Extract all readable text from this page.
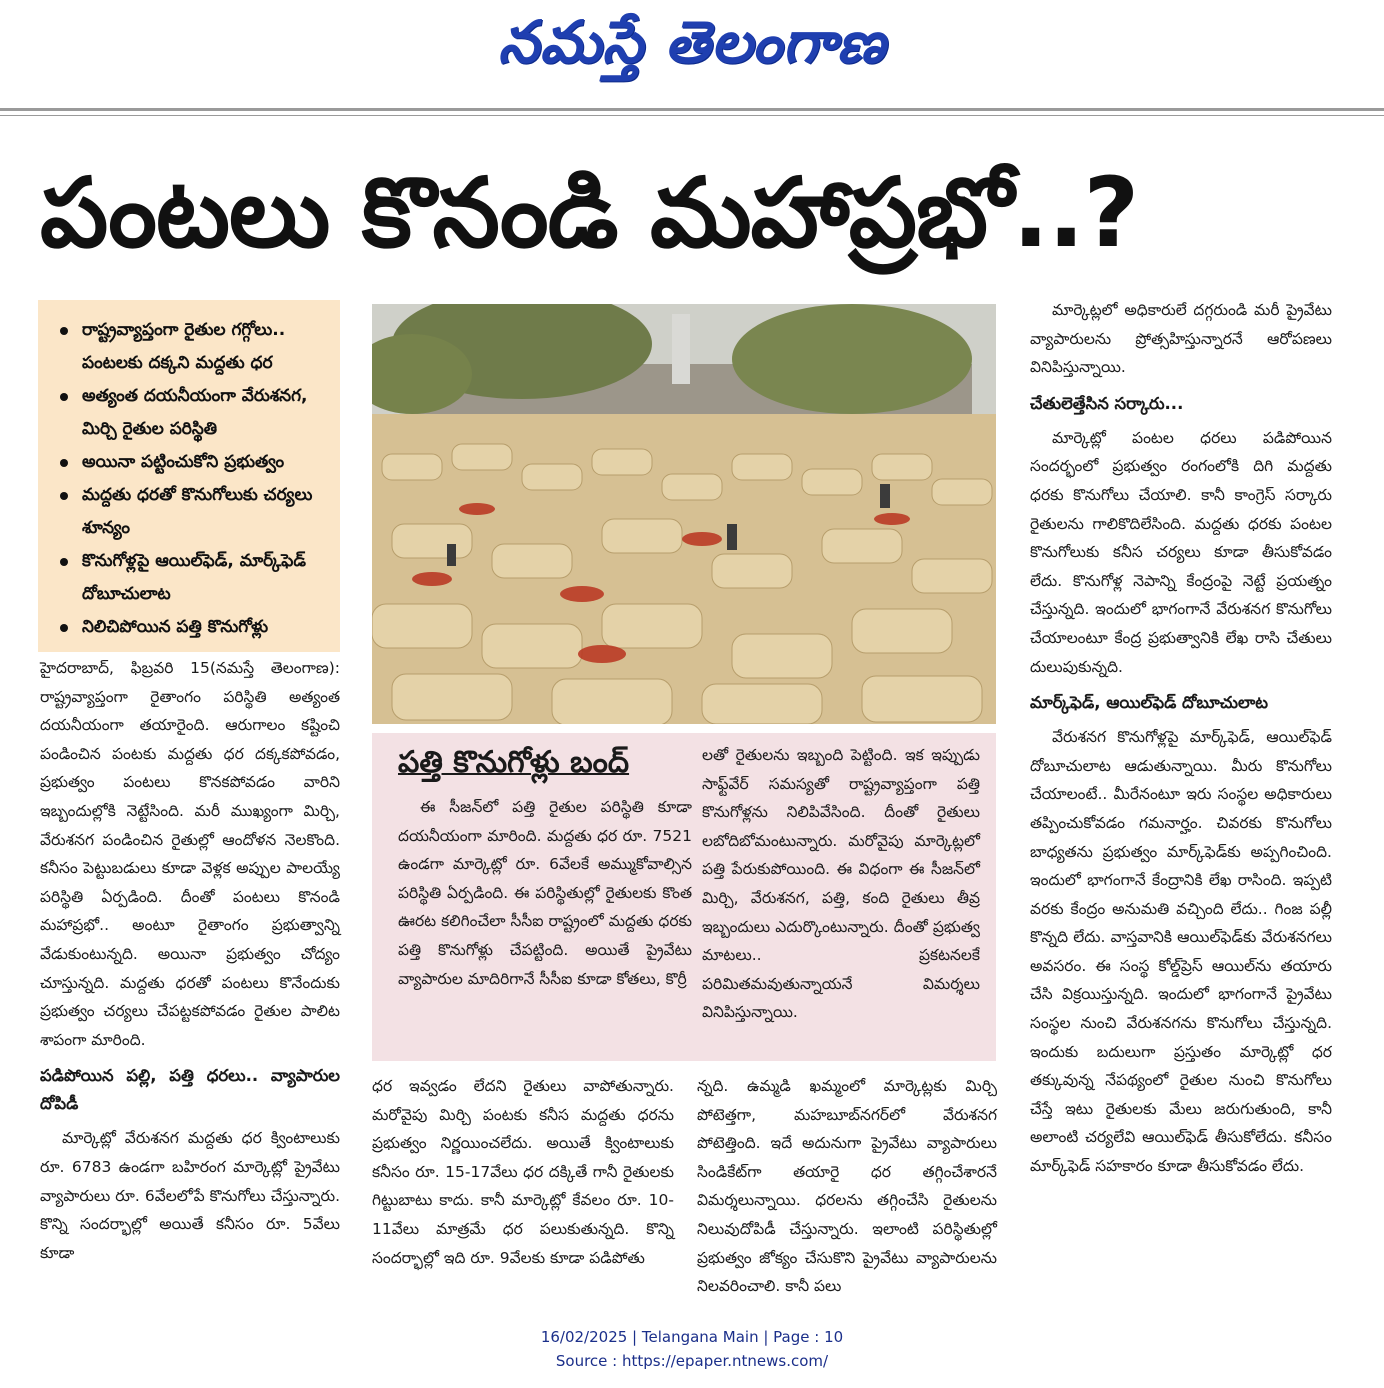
నమస్తే తెలంగాణ
పంటలు కొనండి మహాప్రభో..?
రాష్ట్రవ్యాప్తంగా రైతుల గగ్గోలు.. పంటలకు దక్కని మద్దతు ధర
అత్యంత దయనీయంగా వేరుశనగ, మిర్చి రైతుల పరిస్థితి
అయినా పట్టించుకోని ప్రభుత్వం
మద్దతు ధరతో కొనుగోలుకు చర్యలు శూన్యం
కొనుగోళ్లపై ఆయిల్‌ఫెడ్, మార్క్‌ఫెడ్ దోబూచులాట
నిలిచిపోయిన పత్తి కొనుగోళ్లు

హైదరాబాద్, ఫిబ్రవరి 15(నమస్తే తెలంగాణ): రాష్ట్రవ్యాప్తంగా రైతాంగం పరిస్థితి అత్యంత దయనీయంగా తయారైంది. ఆరుగాలం కష్టించి పండించిన పంటకు మద్దతు ధర దక్కకపోవడం, ప్రభుత్వం పంటలు కొనకపోవడం వారిని ఇబ్బందుల్లోకి నెట్టేసింది. మరీ ముఖ్యంగా మిర్చి, వేరుశనగ పండించిన రైతుల్లో ఆందోళన నెలకొంది. కనీసం పెట్టుబడులు కూడా వెళ్లక అప్పుల పాలయ్యే పరిస్థితి ఏర్పడింది. దీంతో పంటలు కొనండి మహాప్రభో.. అంటూ రైతాంగం ప్రభుత్వాన్ని వేడుకుంటున్నది. అయినా ప్రభుత్వం చోద్యం చూస్తున్నది. మద్దతు ధరతో పంటలు కొనేందుకు ప్రభుత్వం చర్యలు చేపట్టకపోవడం రైతుల పాలిట శాపంగా మారింది.

పడిపోయిన పల్లి, పత్తి ధరలు.. వ్యాపారుల దోపిడీ

మార్కెట్లో వేరుశనగ మద్దతు ధర క్వింటాలుకు రూ. 6783 ఉండగా బహిరంగ మార్కెట్లో ప్రైవేటు వ్యాపారులు రూ. 6వేలలోపే కొనుగోలు చేస్తున్నారు. కొన్ని సందర్భాల్లో అయితే కనీసం రూ. 5వేలు కూడా

పత్తి కొనుగోళ్లు బంద్

ఈ సీజన్‌లో పత్తి రైతుల పరిస్థితి కూడా దయనీయంగా మారింది. మద్దతు ధర రూ. 7521 ఉండగా మార్కెట్లో రూ. 6వేలకే అమ్ముకోవాల్సిన పరిస్థితి ఏర్పడింది. ఈ పరిస్థితుల్లో రైతులకు కొంత ఊరట కలిగించేలా సీసీఐ రాష్ట్రంలో మద్దతు ధరకు పత్తి కొనుగోళ్లు చేపట్టింది. అయితే ప్రైవేటు వ్యాపారుల మాదిరిగానే సీసీఐ కూడా కోతలు, కొర్రీ

లతో రైతులను ఇబ్బంది పెట్టింది. ఇక ఇప్పుడు సాఫ్ట్‌వేర్ సమస్యతో రాష్ట్రవ్యాప్తంగా పత్తి కొనుగోళ్లను నిలిపివేసింది. దీంతో రైతులు లబోదిబోమంటున్నారు. మరోవైపు మార్కెట్లలో పత్తి పేరుకుపోయింది. ఈ విధంగా ఈ సీజన్‌లో మిర్చి, వేరుశనగ, పత్తి, కంది రైతులు తీవ్ర ఇబ్బందులు ఎదుర్కొంటున్నారు. దీంతో ప్రభుత్వ మాటలు.. ప్రకటనలకే పరిమితమవుతున్నాయనే విమర్శలు వినిపిస్తున్నాయి.

ధర ఇవ్వడం లేదని రైతులు వాపోతున్నారు. మరోవైపు మిర్చి పంటకు కనీస మద్దతు ధరను ప్రభుత్వం నిర్ణయించలేదు. అయితే క్వింటాలుకు కనీసం రూ. 15-17వేలు ధర దక్కితే గానీ రైతులకు గిట్టుబాటు కాదు. కానీ మార్కెట్లో కేవలం రూ. 10-11వేలు మాత్రమే ధర పలుకుతున్నది. కొన్ని సందర్భాల్లో ఇది రూ. 9వేలకు కూడా పడిపోతు

న్నది. ఉమ్మడి ఖమ్మంలో మార్కెట్లకు మిర్చి పోటెత్తగా, మహబూబ్‌నగర్‌లో వేరుశనగ పోటెత్తింది. ఇదే అదునుగా ప్రైవేటు వ్యాపారులు సిండికేట్‌గా తయారై ధర తగ్గించేశారనే విమర్శలున్నాయి. ధరలను తగ్గించేసి రైతులను నిలువుదోపిడీ చేస్తున్నారు. ఇలాంటి పరిస్థితుల్లో ప్రభుత్వం జోక్యం చేసుకొని ప్రైవేటు వ్యాపారులను నిలవరించాలి. కానీ పలు

మార్కెట్లలో అధికారులే దగ్గరుండి మరీ ప్రైవేటు వ్యాపారులను ప్రోత్సహిస్తున్నారనే ఆరోపణలు వినిపిస్తున్నాయి.

చేతులెత్తేసిన సర్కారు...

మార్కెట్లో పంటల ధరలు పడిపోయిన సందర్భంలో ప్రభుత్వం రంగంలోకి దిగి మద్దతు ధరకు కొనుగోలు చేయాలి. కానీ కాంగ్రెస్ సర్కారు రైతులను గాలికొదిలేసింది. మద్దతు ధరకు పంటల కొనుగోలుకు కనీస చర్యలు కూడా తీసుకోవడం లేదు. కొనుగోళ్ల నెపాన్ని కేంద్రంపై నెట్టే ప్రయత్నం చేస్తున్నది. ఇందులో భాగంగానే వేరుశనగ కొనుగోలు చేయాలంటూ కేంద్ర ప్రభుత్వానికి లేఖ రాసి చేతులు దులుపుకున్నది.

మార్క్‌ఫెడ్, ఆయిల్‌ఫెడ్ దోబూచులాట

వేరుశనగ కొనుగోళ్లపై మార్క్‌ఫెడ్, ఆయిల్‌ఫెడ్ దోబూచులాట ఆడుతున్నాయి. మీరు కొనుగోలు చేయాలంటే.. మీరేనంటూ ఇరు సంస్థల అధికారులు తప్పించుకోవడం గమనార్హం. చివరకు కొనుగోలు బాధ్యతను ప్రభుత్వం మార్క్‌ఫెడ్‌కు అప్పగించింది. ఇందులో భాగంగానే కేంద్రానికి లేఖ రాసింది. ఇప్పటి వరకు కేంద్రం అనుమతి వచ్చింది లేదు.. గింజ పల్లీ కొన్నది లేదు. వాస్తవానికి ఆయిల్‌ఫెడ్‌కు వేరుశనగలు అవసరం. ఈ సంస్థ కోల్డ్‌ప్రెస్ ఆయిల్‌ను తయారు చేసి విక్రయిస్తున్నది. ఇందులో భాగంగానే ప్రైవేటు సంస్థల నుంచి వేరుశనగను కొనుగోలు చేస్తున్నది. ఇందుకు బదులుగా ప్రస్తుతం మార్కెట్లో ధర తక్కువున్న నేపథ్యంలో రైతుల నుంచి కొనుగోలు చేస్తే ఇటు రైతులకు మేలు జరుగుతుంది, కానీ అలాంటి చర్యలేవి ఆయిల్‌ఫెడ్ తీసుకోలేదు. కనీసం మార్క్‌ఫెడ్ సహకారం కూడా తీసుకోవడం లేదు.

16/02/2025 | Telangana Main | Page : 10
Source : https://epaper.ntnews.com/
